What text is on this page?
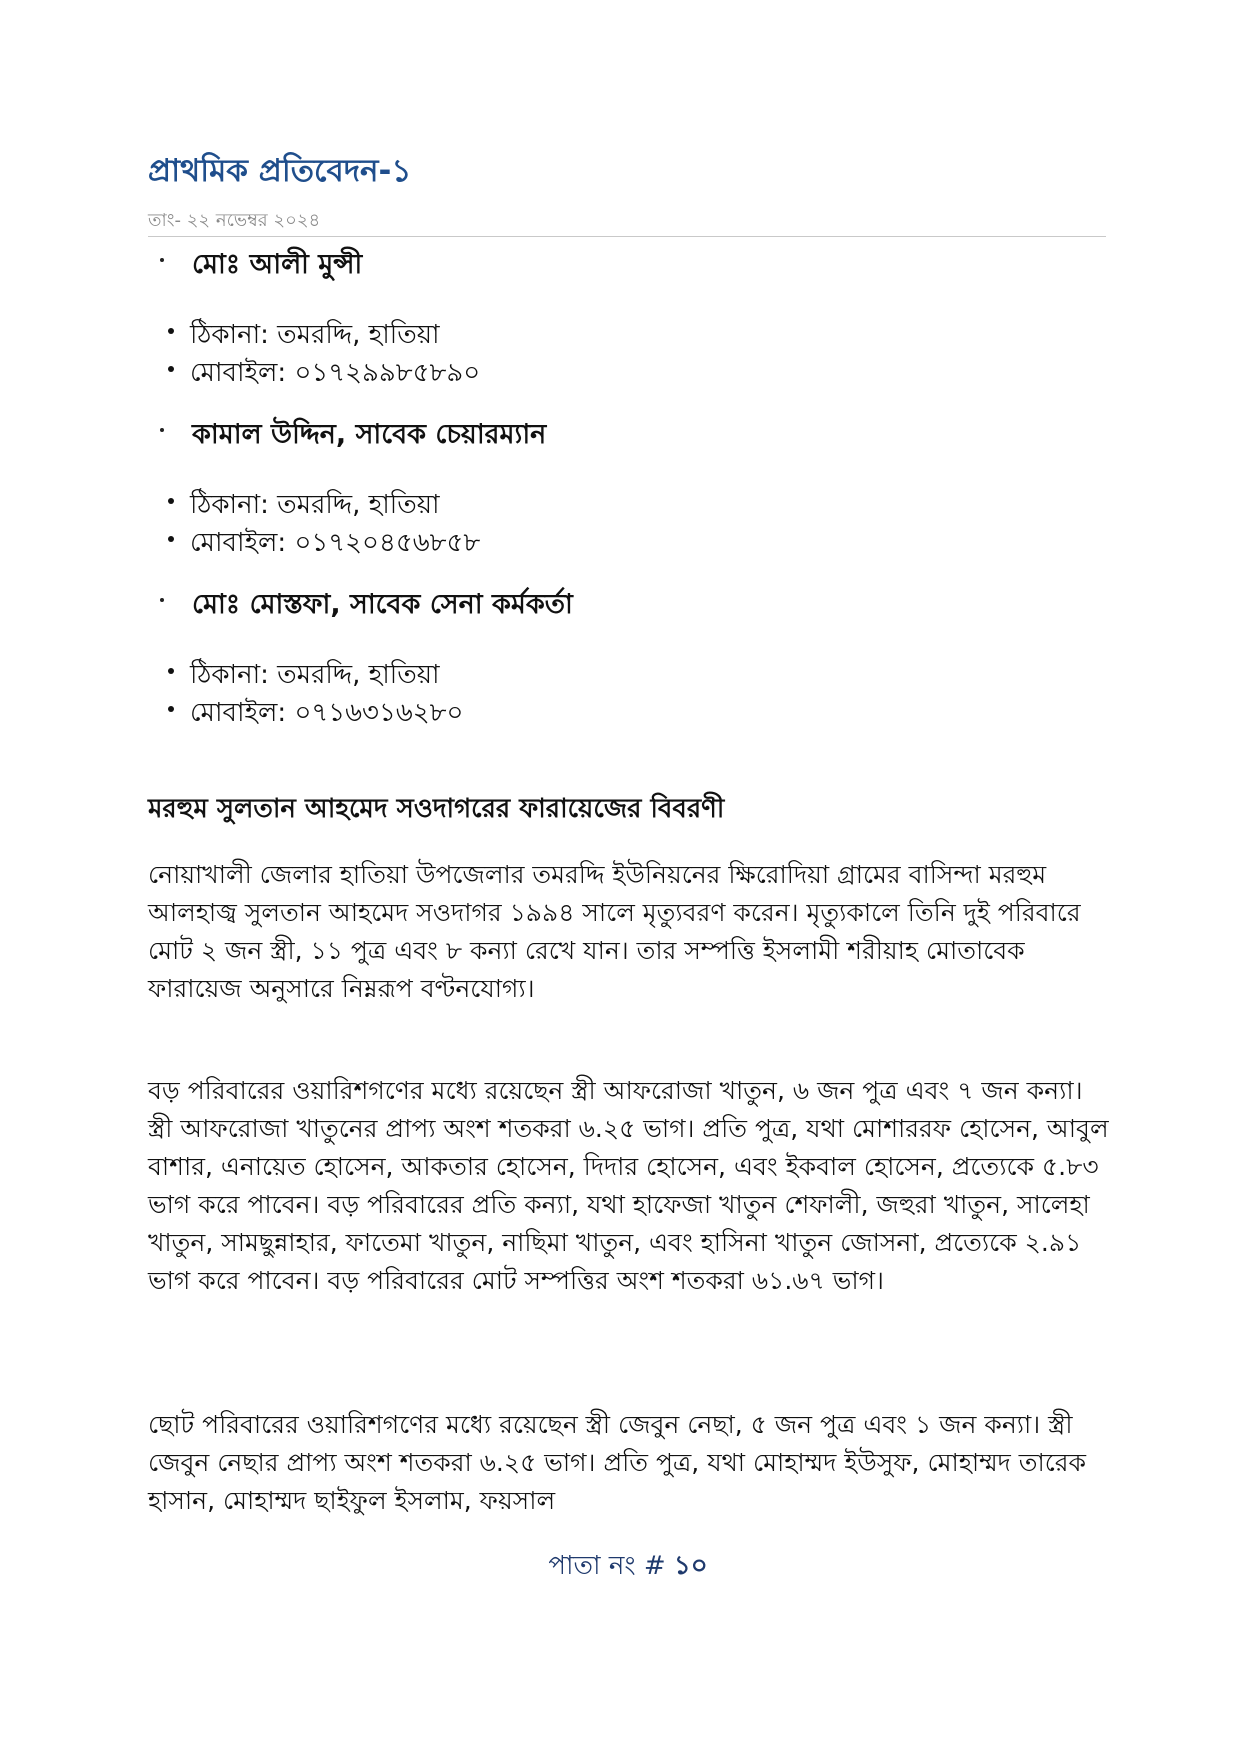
প্রাথমিক প্রতিবেদন-১
তাং- ২২ নভেম্বর ২০২৪
মোঃ আলী মুন্সী
ঠিকানা: তমরদ্দি, হাতিয়া
মোবাইল: ০১৭২৯৯৮৫৮৯০
কামাল উদ্দিন, সাবেক চেয়ারম্যান
ঠিকানা: তমরদ্দি, হাতিয়া
মোবাইল: ০১৭২০৪৫৬৮৫৮
মোঃ মোস্তফা, সাবেক সেনা কর্মকর্তা
ঠিকানা: তমরদ্দি, হাতিয়া
মোবাইল: ০৭১৬৩১৬২৮০
মরহুম সুলতান আহমেদ সওদাগরের ফারায়েজের বিবরণী

নোয়াখালী জেলার হাতিয়া উপজেলার তমরদ্দি ইউনিয়নের ক্ষিরোদিয়া গ্রামের বাসিন্দা মরহুম আলহাজ্ব সুলতান আহমেদ সওদাগর ১৯৯৪ সালে মৃত্যুবরণ করেন। মৃত্যুকালে তিনি দুই পরিবারে মোট ২ জন স্ত্রী, ১১ পুত্র এবং ৮ কন্যা রেখে যান। তার সম্পত্তি ইসলামী শরীয়াহ মোতাবেক ফারায়েজ অনুসারে নিম্নরূপ বণ্টনযোগ্য।

বড় পরিবারের ওয়ারিশগণের মধ্যে রয়েছেন স্ত্রী আফরোজা খাতুন, ৬ জন পুত্র এবং ৭ জন কন্যা। স্ত্রী আফরোজা খাতুনের প্রাপ্য অংশ শতকরা ৬.২৫ ভাগ। প্রতি পুত্র, যথা মোশাররফ হোসেন, আবুল বাশার, এনায়েত হোসেন, আকতার হোসেন, দিদার হোসেন, এবং ইকবাল হোসেন, প্রত্যেকে ৫.৮৩ ভাগ করে পাবেন। বড় পরিবারের প্রতি কন্যা, যথা হাফেজা খাতুন শেফালী, জহুরা খাতুন, সালেহা খাতুন, সামছুন্নাহার, ফাতেমা খাতুন, নাছিমা খাতুন, এবং হাসিনা খাতুন জোসনা, প্রত্যেকে ২.৯১ ভাগ করে পাবেন। বড় পরিবারের মোট সম্পত্তির অংশ শতকরা ৬১.৬৭ ভাগ।

ছোট পরিবারের ওয়ারিশগণের মধ্যে রয়েছেন স্ত্রী জেবুন নেছা, ৫ জন পুত্র এবং ১ জন কন্যা। স্ত্রী জেবুন নেছার প্রাপ্য অংশ শতকরা ৬.২৫ ভাগ। প্রতি পুত্র, যথা মোহাম্মদ ইউসুফ, মোহাম্মদ তারেক হাসান, মোহাম্মদ ছাইফুল ইসলাম, ফয়সাল

পাতা নং # ১০
